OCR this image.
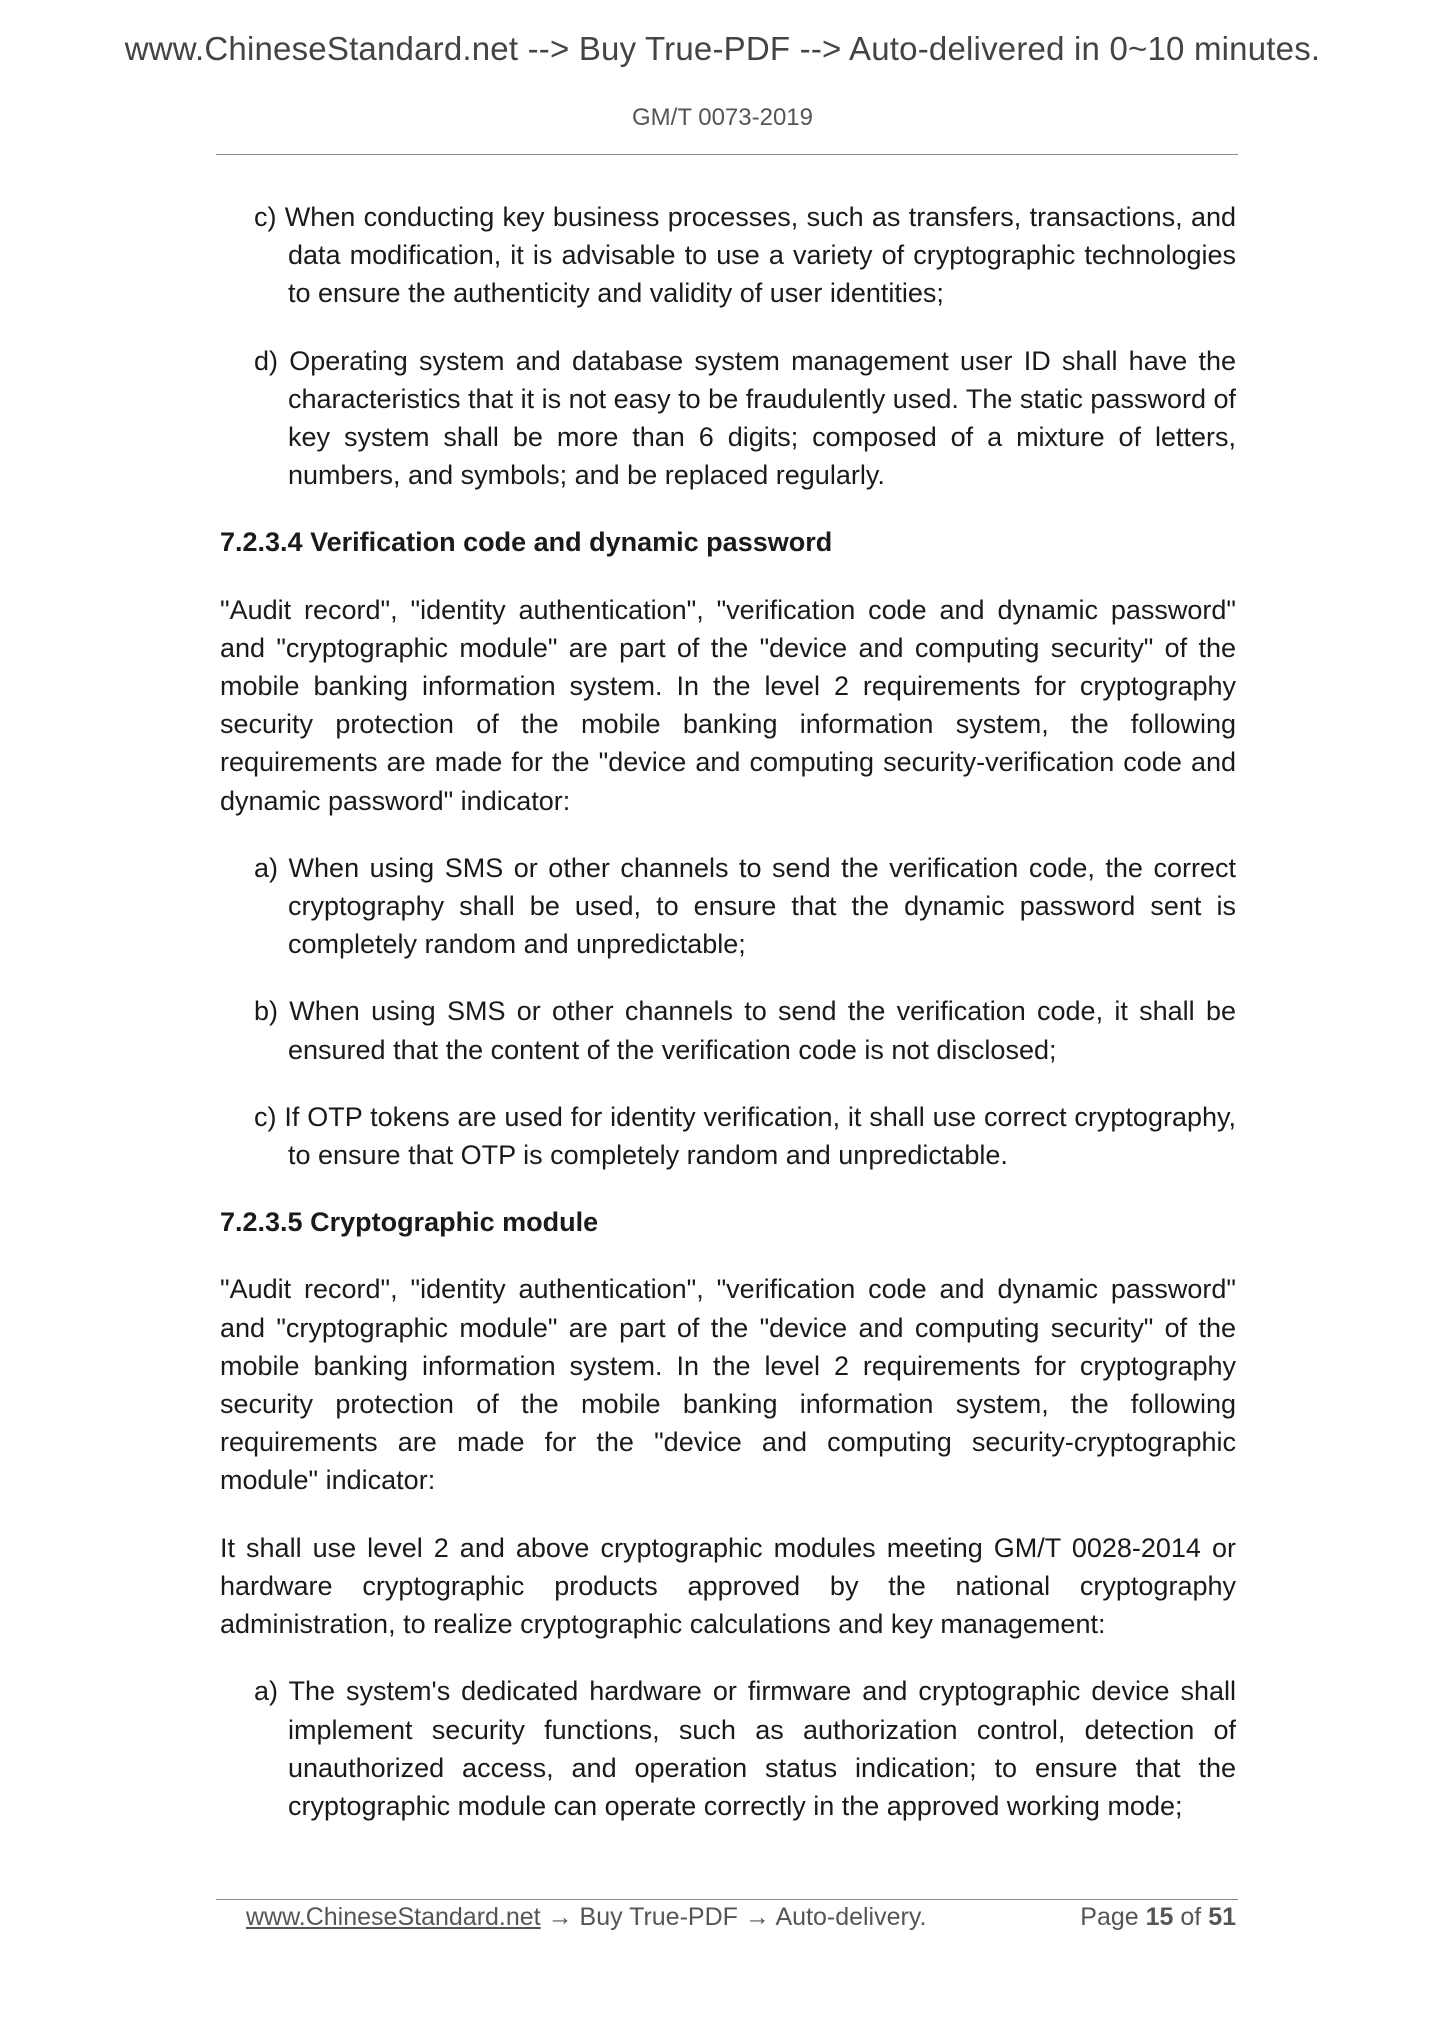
www.ChineseStandard.net --> Buy True-PDF --> Auto-delivered in 0~10 minutes.
GM/T 0073-2019

c) When conducting key business processes, such as transfers, transactions, and data modification, it is advisable to use a variety of cryptographic technologies to ensure the authenticity and validity of user identities;

d) Operating system and database system management user ID shall have the characteristics that it is not easy to be fraudulently used. The static password of key system shall be more than 6 digits; composed of a mixture of letters, numbers, and symbols; and be replaced regularly.

7.2.3.4 Verification code and dynamic password

"Audit record", "identity authentication", "verification code and dynamic password" and "cryptographic module" are part of the "device and computing security" of the mobile banking information system. In the level 2 requirements for cryptography security protection of the mobile banking information system, the following requirements are made for the "device and computing security-verification code and dynamic password" indicator:

a) When using SMS or other channels to send the verification code, the correct cryptography shall be used, to ensure that the dynamic password sent is completely random and unpredictable;

b) When using SMS or other channels to send the verification code, it shall be ensured that the content of the verification code is not disclosed;

c) If OTP tokens are used for identity verification, it shall use correct cryptography, to ensure that OTP is completely random and unpredictable.

7.2.3.5 Cryptographic module

"Audit record", "identity authentication", "verification code and dynamic password" and "cryptographic module" are part of the "device and computing security" of the mobile banking information system. In the level 2 requirements for cryptography security protection of the mobile banking information system, the following requirements are made for the "device and computing security-cryptographic module" indicator:

It shall use level 2 and above cryptographic modules meeting GM/T 0028-2014 or hardware cryptographic products approved by the national cryptography administration, to realize cryptographic calculations and key management:

a) The system's dedicated hardware or firmware and cryptographic device shall implement security functions, such as authorization control, detection of unauthorized access, and operation status indication; to ensure that the cryptographic module can operate correctly in the approved working mode;

www.ChineseStandard.net → Buy True-PDF → Auto-delivery.	Page 15 of 51
